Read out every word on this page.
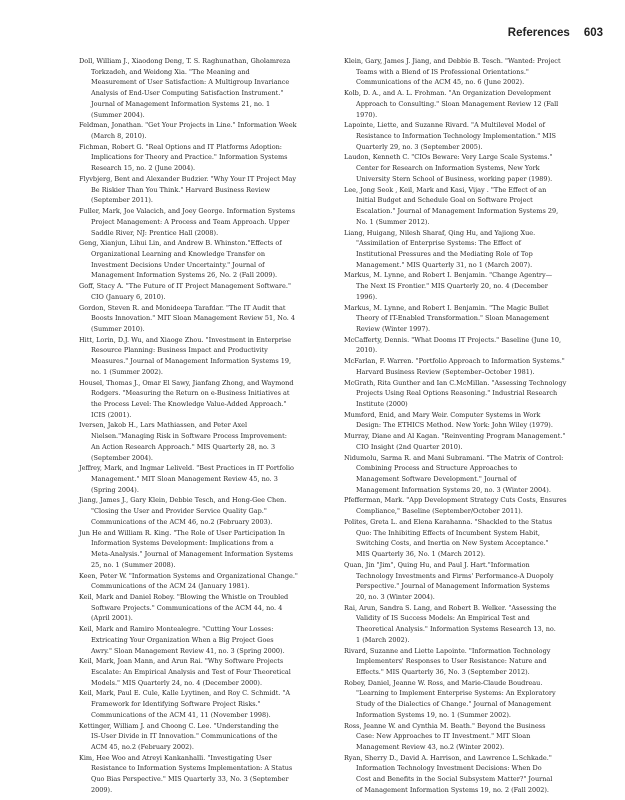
References 603

Doll, William J., Xiaodong Deng, T. S. Raghunathan, Gholamreza
Torkzadeh, and Weidong Xia. "The Meaning and
Measurement of User Satisfaction: A Multigroup Invariance
Analysis of End-User Computing Satisfaction Instrument."
Journal of Management Information Systems 21, no. 1
(Summer 2004).

Feldman, Jonathan. "Get Your Projects in Line." Information Week
(March 8, 2010).

Fichman, Robert G. "Real Options and IT Platforms Adoption:
Implications for Theory and Practice." Information Systems
Research 15, no. 2 (June 2004).

Flyvbjerg, Bent and Alexander Budzier. "Why Your IT Project May
Be Riskier Than You Think." Harvard Business Review
(September 2011).

Fuller, Mark, Joe Valacich, and Joey George. Information Systems
Project Management: A Process and Team Approach. Upper
Saddle River, NJ: Prentice Hall (2008).

Geng, Xianjun, Lihui Lin, and Andrew B. Whinston."Effects of
Organizational Learning and Knowledge Transfer on
Investment Decisions Under Uncertainty." Journal of
Management Information Systems 26, No. 2 (Fall 2009).

Goff, Stacy A. "The Future of IT Project Management Software."
CIO (January 6, 2010).

Gordon, Steven R. and Monideepa Tarafdar. "The IT Audit that
Boosts Innovation." MIT Sloan Management Review 51, No. 4
(Summer 2010).

Hitt, Lorin, D.J. Wu, and Xiaoge Zhou. "Investment in Enterprise
Resource Planning: Business Impact and Productivity
Measures." Journal of Management Information Systems 19,
no. 1 (Summer 2002).

Housel, Thomas J., Omar El Sawy, Jianfang Zhong, and Waymond
Rodgers. "Measuring the Return on e-Business Initiatives at
the Process Level: The Knowledge Value-Added Approach."
ICIS (2001).

Iversen, Jakob H., Lars Mathiassen, and Peter Axel
Nielsen."Managing Risk in Software Process Improvement:
An Action Research Approach." MIS Quarterly 28, no. 3
(September 2004).

Jeffrey, Mark, and Ingmar Leliveld. "Best Practices in IT Portfolio
Management." MIT Sloan Management Review 45, no. 3
(Spring 2004).

Jiang, James J., Gary Klein, Debbie Tesch, and Hong-Gee Chen.
"Closing the User and Provider Service Quality Gap."
Communications of the ACM 46, no.2 (February 2003).

Jun He and William R. King. "The Role of User Participation In
Information Systems Development: Implications from a
Meta-Analysis." Journal of Management Information Systems
25, no. 1 (Summer 2008).

Keen, Peter W. "Information Systems and Organizational Change."
Communications of the ACM 24 (January 1981).

Keil, Mark and Daniel Robey. "Blowing the Whistle on Troubled
Software Projects." Communications of the ACM 44, no. 4
(April 2001).

Keil, Mark and Ramiro Montealegre. "Cutting Your Losses:
Extricating Your Organization When a Big Project Goes
Awry." Sloan Management Review 41, no. 3 (Spring 2000).

Keil, Mark, Joan Mann, and Arun Rai. "Why Software Projects
Escalate: An Empirical Analysis and Test of Four Theoretical
Models." MIS Quarterly 24, no. 4 (December 2000).

Keil, Mark, Paul E. Cule, Kalle Lyytinen, and Roy C. Schmidt. "A
Framework for Identifying Software Project Risks."
Communications of the ACM 41, 11 (November 1998).

Kettinger, William J. and Choong C. Lee. "Understanding the
IS-User Divide in IT Innovation." Communications of the
ACM 45, no.2 (February 2002).

Kim, Hee Woo and Atreyi Kankanhalli. "Investigating User
Resistance to Information Systems Implementation: A Status
Quo Bias Perspective." MIS Quarterly 33, No. 3 (September
2009).

Klein, Gary, James J. Jiang, and Debbie B. Tesch. "Wanted: Project
Teams with a Blend of IS Professional Orientations."
Communications of the ACM 45, no. 6 (June 2002).

Kolb, D. A., and A. L. Frohman. "An Organization Development
Approach to Consulting." Sloan Management Review 12 (Fall
1970).

Lapointe, Liette, and Suzanne Rivard. "A Multilevel Model of
Resistance to Information Technology Implementation." MIS
Quarterly 29, no. 3 (September 2005).

Laudon, Kenneth C. "CIOs Beware: Very Large Scale Systems."
Center for Research on Information Systems, New York
University Stern School of Business, working paper (1989).

Lee, Jong Seok , Keil, Mark and Kasi, Vijay . "The Effect of an
Initial Budget and Schedule Goal on Software Project
Escalation." Journal of Management Information Systems 29,
No. 1 (Summer 2012).

Liang, Huigang, Nilesh Sharaf, Qing Hu, and Yajiong Xue.
"Assimilation of Enterprise Systems: The Effect of
Institutional Pressures and the Mediating Role of Top
Management." MIS Quarterly 31, no 1 (March 2007).

Markus, M. Lynne, and Robert I. Benjamin. "Change Agentry—
The Next IS Frontier." MIS Quarterly 20, no. 4 (December
1996).

Markus, M. Lynne, and Robert I. Benjamin. "The Magic Bullet
Theory of IT-Enabled Transformation." Sloan Management
Review (Winter 1997).

McCafferty, Dennis. "What Dooms IT Projects." Baseline (June 10,
2010).

McFarlan, F. Warren. "Portfolio Approach to Information Systems."
Harvard Business Review (September–October 1981).

McGrath, Rita Gunther and Ian C.McMillan. "Assessing Technology
Projects Using Real Options Reasoning." Industrial Research
Institute (2000)

Mumford, Enid, and Mary Weir. Computer Systems in Work
Design: The ETHICS Method. New York: John Wiley (1979).

Murray, Diane and Al Kagan. "Reinventing Program Management."
CIO Insight (2nd Quarter 2010).

Nidumolu, Sarma R. and Mani Subramani. "The Matrix of Control:
Combining Process and Structure Approaches to
Management Software Development." Journal of
Management Information Systems 20, no. 3 (Winter 2004).

Pfefferman, Mark. "App Development Strategy Cuts Costs, Ensures
Compliance," Baseline (September/October 2011).

Polites, Greta L. and Elena Karahanna. "Shackled to the Status
Quo: The Inhibiting Effects of Incumbent System Habit,
Switching Costs, and Inertia on New System Acceptance."
MIS Quarterly 36, No. 1 (March 2012).

Quan, Jin "Jim", Quing Hu, and Paul J. Hart."Information
Technology Investments and Firms' Performance-A Duopoly
Perspective." Journal of Management Information Systems
20, no. 3 (Winter 2004).

Rai, Arun, Sandra S. Lang, and Robert B. Welker. "Assessing the
Validity of IS Success Models: An Empirical Test and
Theoretical Analysis." Information Systems Research 13, no.
1 (March 2002).

Rivard, Suzanne and Liette Lapointe. "Information Technology
Implementers' Responses to User Resistance: Nature and
Effects." MIS Quarterly 36, No. 3 (September 2012).

Robey, Daniel, Jeanne W. Ross, and Marie-Claude Boudreau.
"Learning to Implement Enterprise Systems: An Exploratory
Study of the Dialectics of Change." Journal of Management
Information Systems 19, no. 1 (Summer 2002).

Ross, Jeanne W. and Cynthia M. Beath." Beyond the Business
Case: New Approaches to IT Investment." MIT Sloan
Management Review 43, no.2 (Winter 2002).

Ryan, Sherry D., David A. Harrison, and Lawrence L.Schkade."
Information Technology Investment Decisions: When Do
Cost and Benefits in the Social Subsystem Matter?" Journal
of Management Information Systems 19, no. 2 (Fall 2002).
